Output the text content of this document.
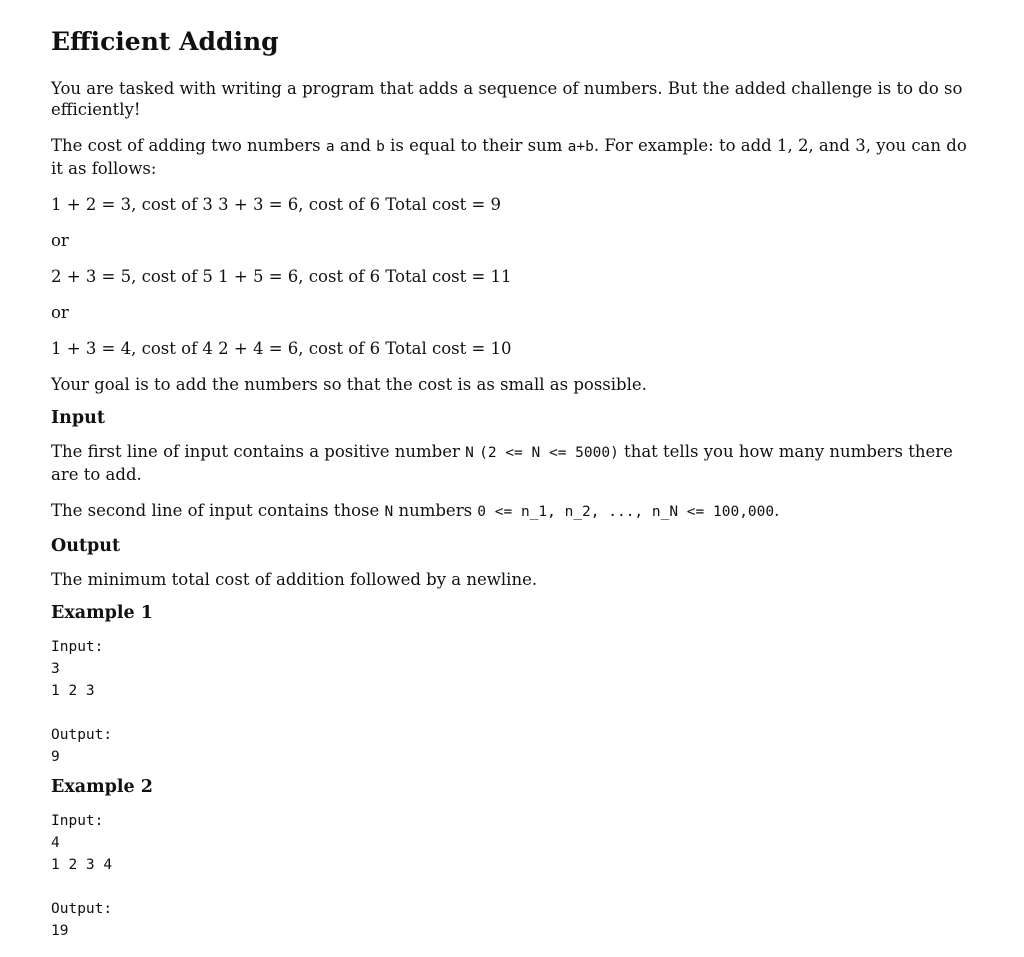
Efficient Adding

You are tasked with writing a program that adds a sequence of numbers. But the added challenge is to do so efficiently!

The cost of adding two numbers a and b is equal to their sum a+b. For example: to add 1, 2, and 3, you can do it as follows:

1 + 2 = 3, cost of 3 3 + 3 = 6, cost of 6 Total cost = 9

or

2 + 3 = 5, cost of 5 1 + 5 = 6, cost of 6 Total cost = 11

or

1 + 3 = 4, cost of 4 2 + 4 = 6, cost of 6 Total cost = 10

Your goal is to add the numbers so that the cost is as small as possible.

Input

The first line of input contains a positive number N (2 <= N <= 5000) that tells you how many numbers there are to add.

The second line of input contains those N numbers 0 <= n_1, n_2, ..., n_N <= 100,000.

Output

The minimum total cost of addition followed by a newline.

Example 1
Input:
3
1 2 3
Output:
9
Example 2
Input:
4
1 2 3 4
Output:
19
